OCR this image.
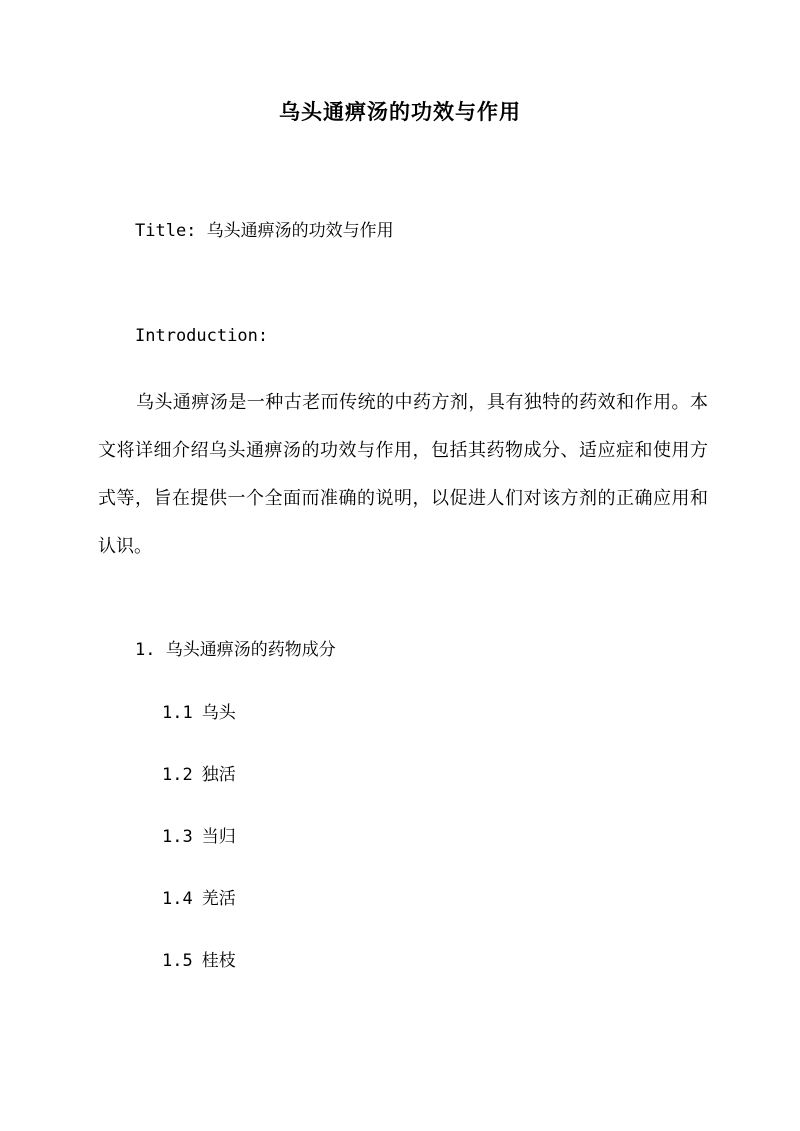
乌头通痹汤的功效与作用

Title: 乌头通痹汤的功效与作用

Introduction:

乌头通痹汤是一种古老而传统的中药方剂，具有独特的药效和作用。本文将详细介绍乌头通痹汤的功效与作用，包括其药物成分、适应症和使用方式等，旨在提供一个全面而准确的说明，以促进人们对该方剂的正确应用和认识。

1. 乌头通痹汤的药物成分

1.1 乌头
1.2 独活
1.3 当归
1.4 羌活
1.5 桂枝
